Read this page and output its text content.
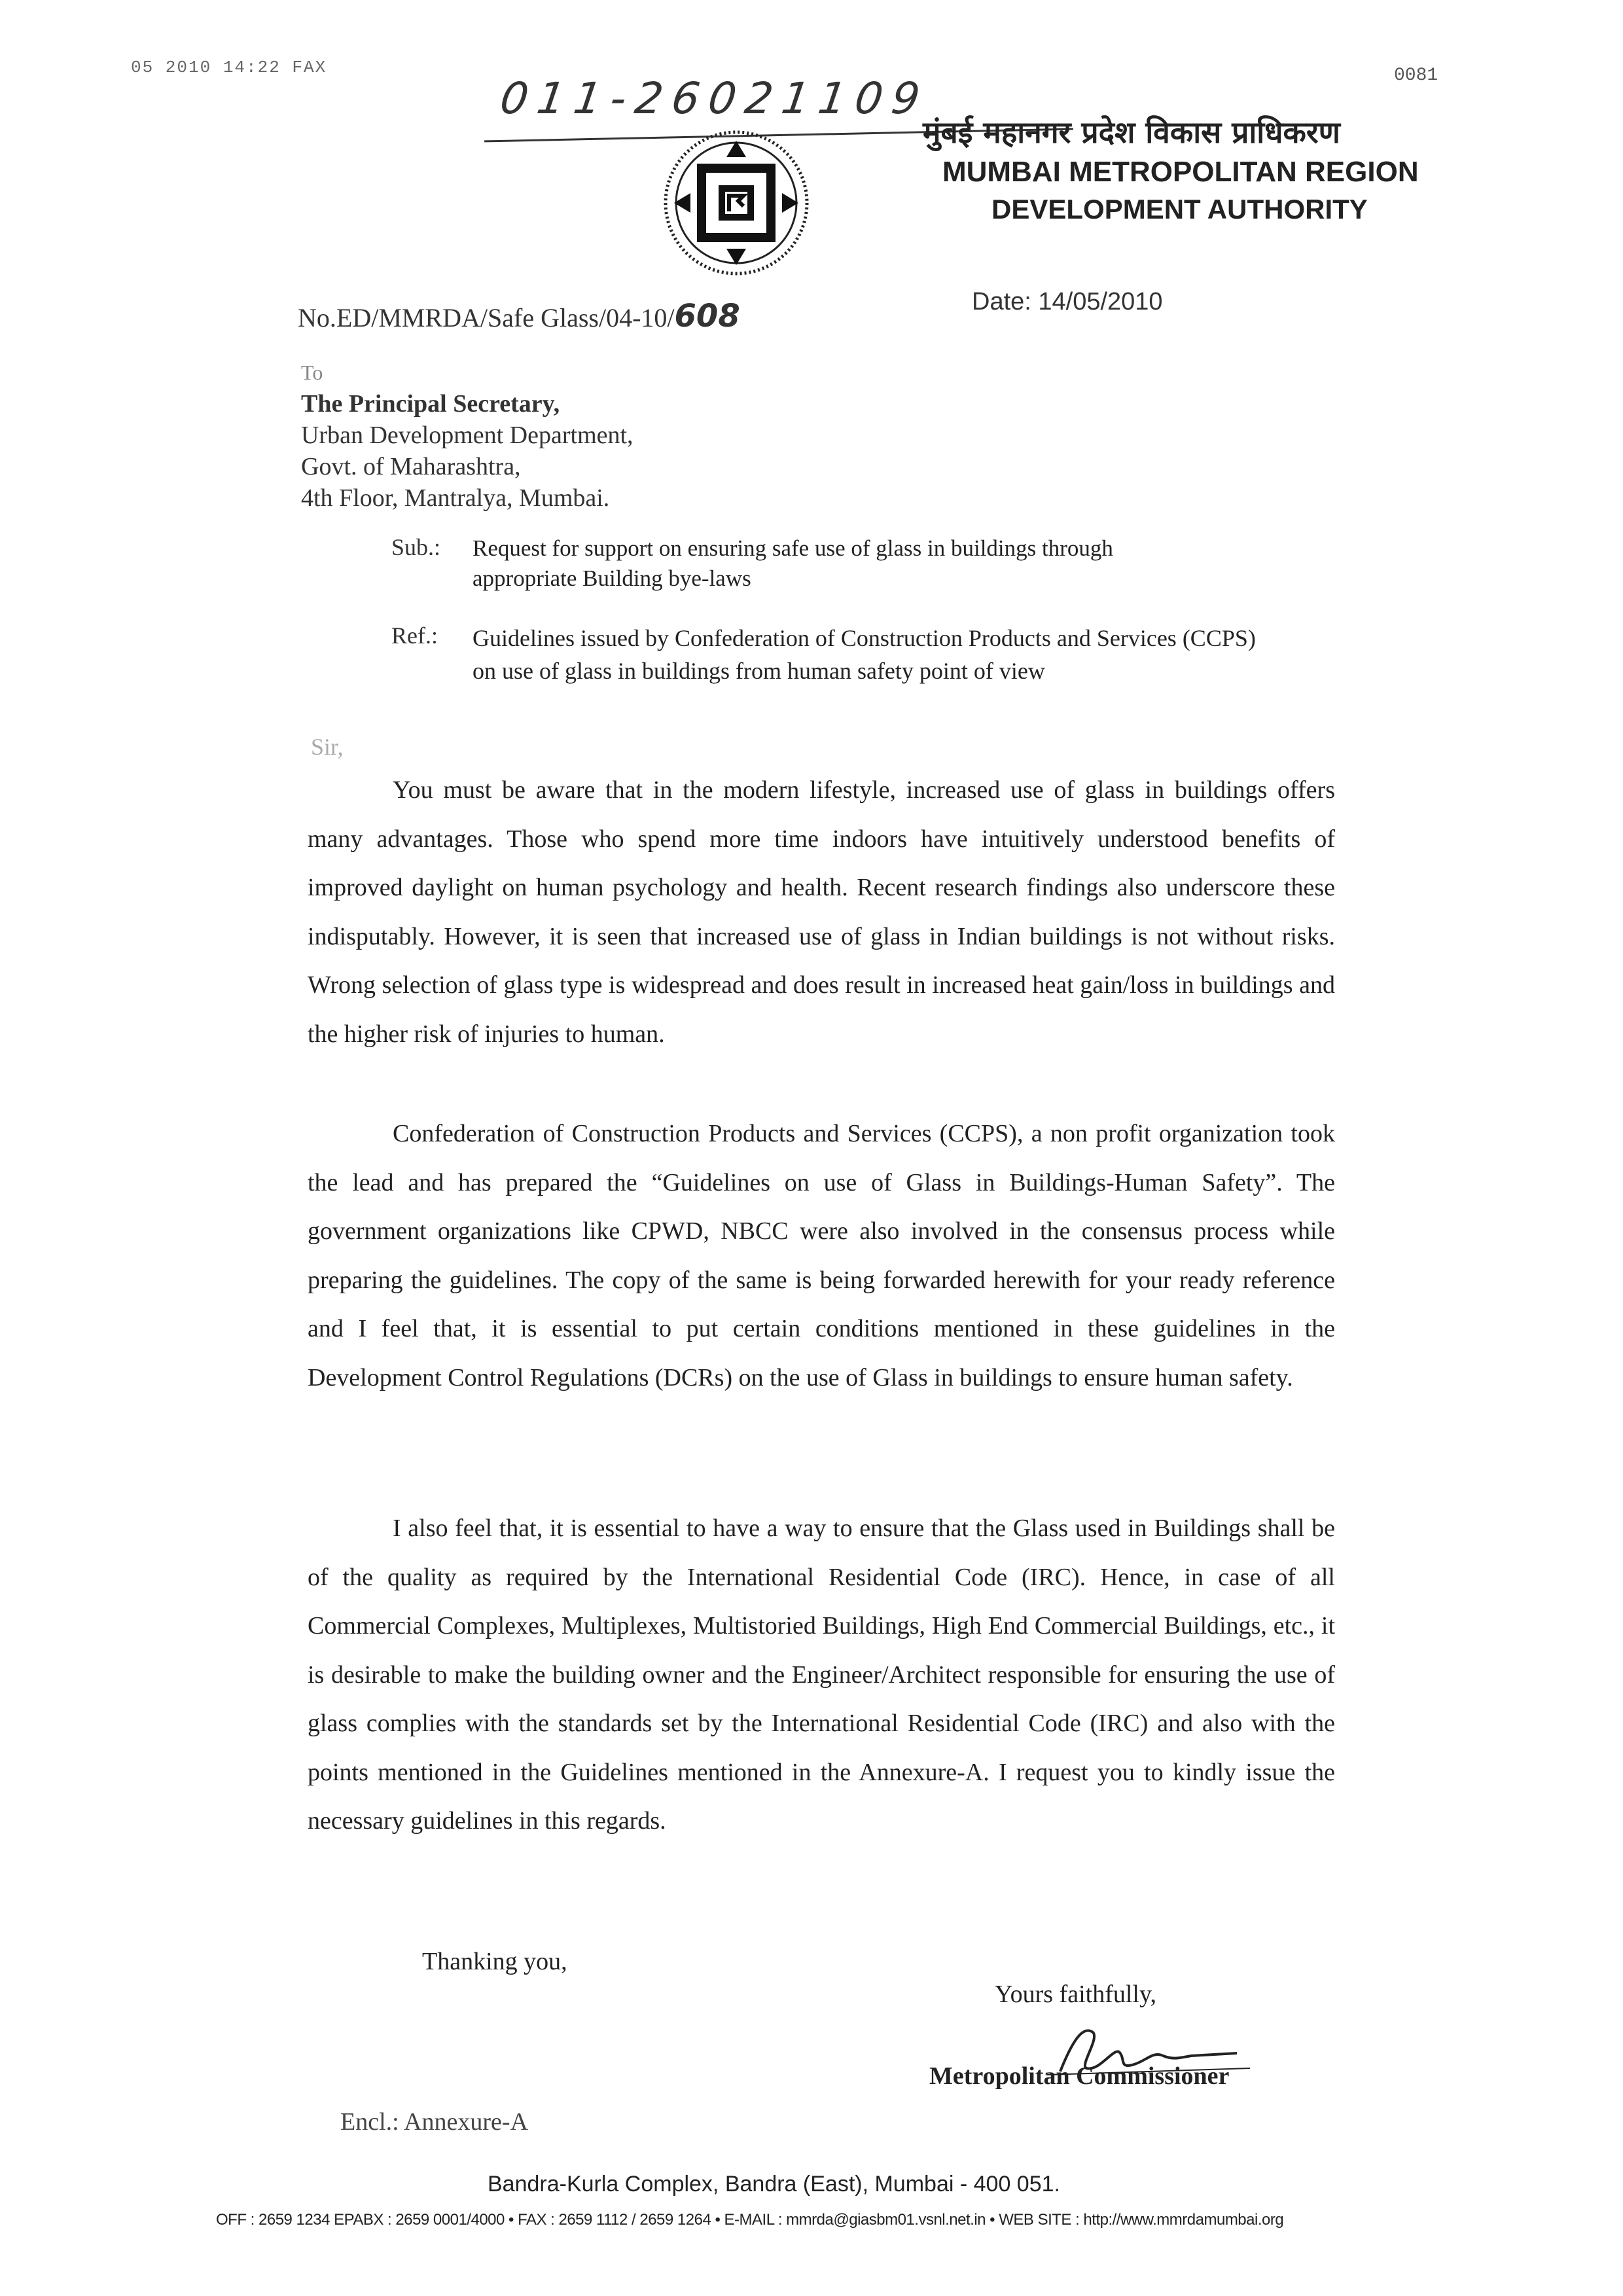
05 2010 14:22 FAX	0081
011-26021109
मुंबई महानगर प्रदेश विकास प्राधिकरण
MUMBAI METROPOLITAN REGION
DEVELOPMENT AUTHORITY
No.ED/MMRDA/Safe Glass/04-10/608	Date: 14/05/2010
To
The Principal Secretary,
Urban Development Department,
Govt. of Maharashtra,
4th Floor, Mantralya, Mumbai.
Sub.: Request for support on ensuring safe use of glass in buildings through appropriate Building bye-laws
Ref.: Guidelines issued by Confederation of Construction Products and Services (CCPS) on use of glass in buildings from human safety point of view
Sir,
You must be aware that in the modern lifestyle, increased use of glass in buildings offers many advantages. Those who spend more time indoors have intuitively understood benefits of improved daylight on human psychology and health. Recent research findings also underscore these indisputably. However, it is seen that increased use of glass in Indian buildings is not without risks. Wrong selection of glass type is widespread and does result in increased heat gain/loss in buildings and the higher risk of injuries to human.
Confederation of Construction Products and Services (CCPS), a non profit organization took the lead and has prepared the “Guidelines on use of Glass in Buildings-Human Safety”. The government organizations like CPWD, NBCC were also involved in the consensus process while preparing the guidelines. The copy of the same is being forwarded herewith for your ready reference and I feel that, it is essential to put certain conditions mentioned in these guidelines in the Development Control Regulations (DCRs) on the use of Glass in buildings to ensure human safety.
I also feel that, it is essential to have a way to ensure that the Glass used in Buildings shall be of the quality as required by the International Residential Code (IRC). Hence, in case of all Commercial Complexes, Multiplexes, Multistoried Buildings, High End Commercial Buildings, etc., it is desirable to make the building owner and the Engineer/Architect responsible for ensuring the use of glass complies with the standards set by the International Residential Code (IRC) and also with the points mentioned in the Guidelines mentioned in the Annexure-A. I request you to kindly issue the necessary guidelines in this regards.
Thanking you,
Yours faithfully,
Metropolitan Commissioner
Encl.: Annexure-A
Bandra-Kurla Complex, Bandra (East), Mumbai - 400 051.
OFF : 2659 1234 EPABX : 2659 0001/4000 • FAX : 2659 1112 / 2659 1264 • E-MAIL : mmrda@giasbm01.vsnl.net.in • WEB SITE : http://www.mmrdamumbai.org
